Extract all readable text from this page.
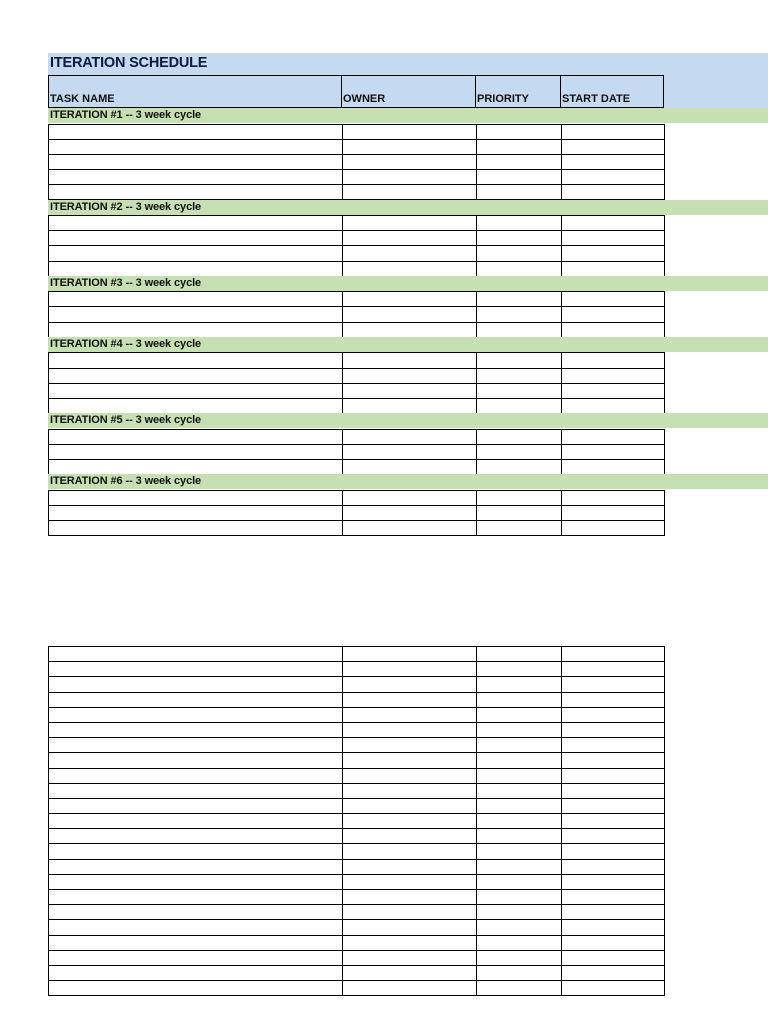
ITERATION SCHEDULE
TASK NAME	OWNER	PRIORITY	START DATE
ITERATION #1 -- 3 week cycle

ITERATION #2 -- 3 week cycle

ITERATION #3 -- 3 week cycle

ITERATION #4 -- 3 week cycle

ITERATION #5 -- 3 week cycle

ITERATION #6 -- 3 week cycle
